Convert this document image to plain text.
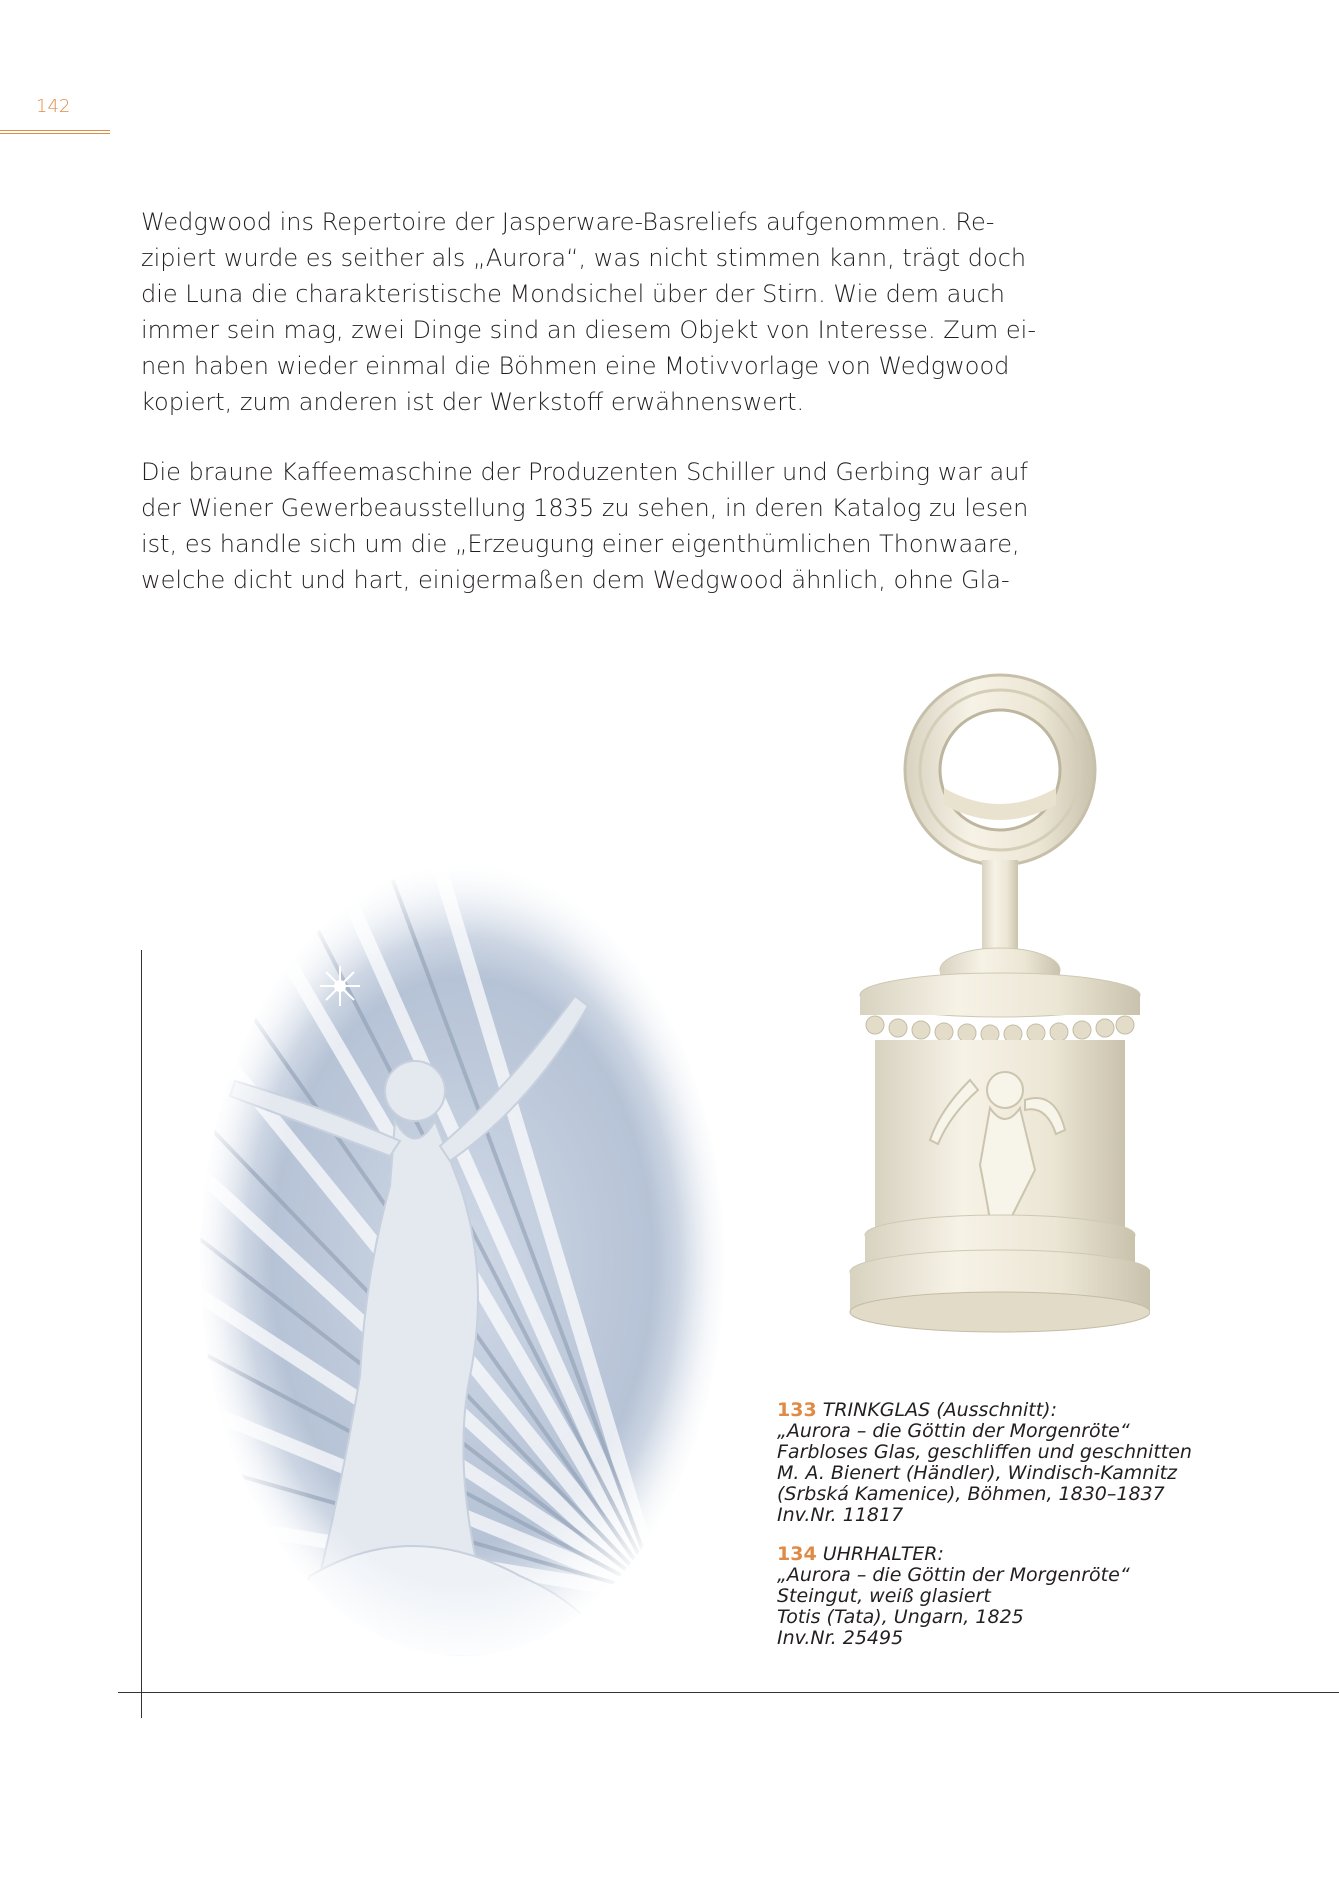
142

Wedgwood ins Repertoire der Jasperware-Basreliefs aufgenommen. Re-
zipiert wurde es seither als „Aurora“, was nicht stimmen kann, trägt doch
die Luna die charakteristische Mondsichel über der Stirn. Wie dem auch
immer sein mag, zwei Dinge sind an diesem Objekt von Interesse. Zum ei-
nen haben wieder einmal die Böhmen eine Motivvorlage von Wedgwood
kopiert, zum anderen ist der Werkstoff erwähnenswert.

Die braune Kaffeemaschine der Produzenten Schiller und Gerbing war auf
der Wiener Gewerbeausstellung 1835 zu sehen, in deren Katalog zu lesen
ist, es handle sich um die „Erzeugung einer eigenthümlichen Thonwaare,
welche dicht und hart, einigermaßen dem Wedgwood ähnlich, ohne Gla-

133 TRINKGLAS (Ausschnitt):
„Aurora – die Göttin der Morgenröte“
Farbloses Glas, geschliffen und geschnitten
M. A. Bienert (Händler), Windisch-Kamnitz
(Srbská Kamenice), Böhmen, 1830–1837
Inv.Nr. 11817
134 UHRHALTER:
„Aurora – die Göttin der Morgenröte“
Steingut, weiß glasiert
Totis (Tata), Ungarn, 1825
Inv.Nr. 25495
